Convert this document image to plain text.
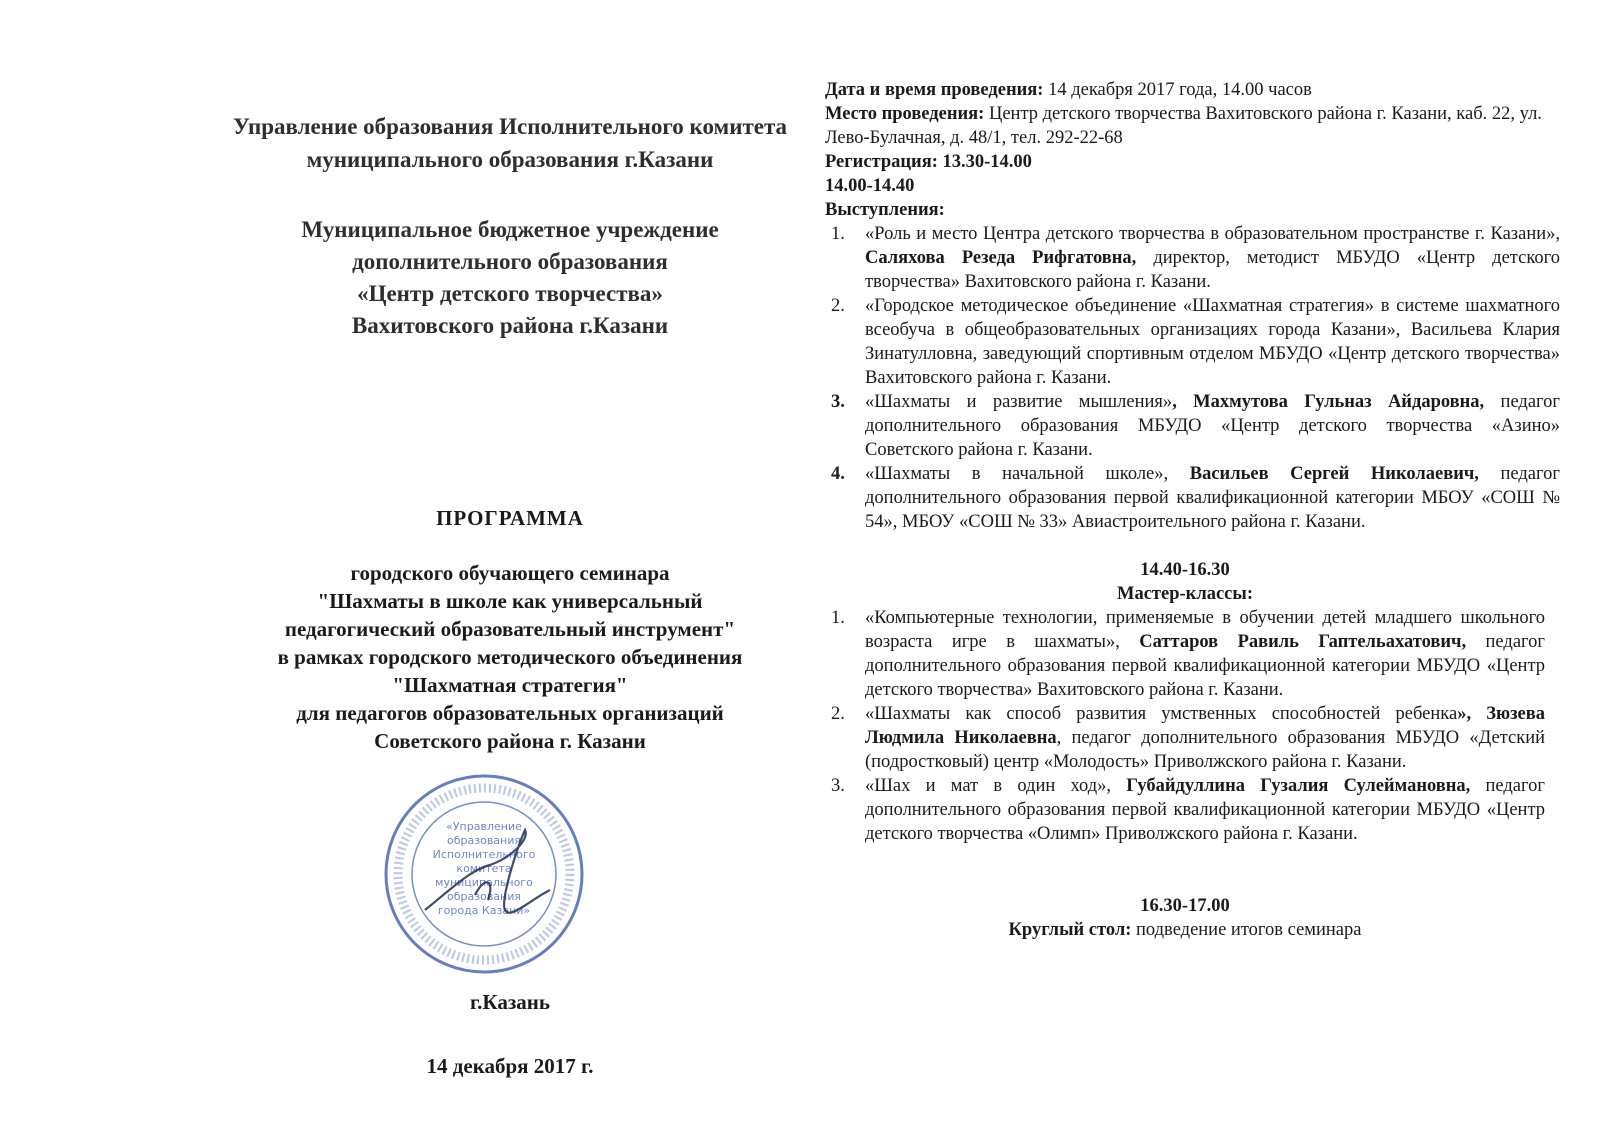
Управление образования Исполнительного комитета
муниципального образования г.Казани
Муниципальное бюджетное учреждение
дополнительного образования
«Центр детского творчества»
Вахитовского района г.Казани
ПРОГРАММА
городского обучающего семинара
"Шахматы в школе как универсальный
педагогический образовательный инструмент"
в рамках городского методического объединения
"Шахматная стратегия"
для педагогов образовательных организаций
Советского района г. Казани
г.Казань
14 декабря 2017 г.
«Управление
образования
Исполнительного
комитета
муниципального
образования
города Казани»

Дата и время проведения: 14 декабря 2017 года, 14.00 часов

Место проведения: Центр детского творчества Вахитовского района г. Казани, каб. 22, ул. Лево-Булачная, д. 48/1, тел. 292-22-68

Регистрация: 13.30-14.00

14.00-14.40

Выступления:

1.	«Роль и место Центра детского творчества в образовательном пространстве г. Казани», Саляхова Резеда Рифгатовна, директор, методист МБУДО «Центр детского творчества» Вахитовского района г. Казани.
2.	«Городское методическое объединение «Шахматная стратегия» в системе шахматного всеобуча в общеобразовательных организациях города Казани», Васильева Клария Зинатулловна, заведующий спортивным отделом МБУДО «Центр детского творчества» Вахитовского района г. Казани.
3.	«Шахматы и развитие мышления», Махмутова Гульназ Айдаровна, педагог дополнительного образования МБУДО «Центр детского творчества «Азино» Советского района г. Казани.
4.	«Шахматы в начальной школе», Васильев Сергей Николаевич, педагог дополнительного образования первой квалификационной категории МБОУ «СОШ № 54», МБОУ «СОШ № 33» Авиастроительного района г. Казани.

14.40-16.30

Мастер-классы:

1.	«Компьютерные технологии, применяемые в обучении детей младшего школьного возраста игре в шахматы», Саттаров Равиль Гаптельахатович, педагог дополнительного образования первой квалификационной категории МБУДО «Центр детского творчества» Вахитовского района г. Казани.
2.	«Шахматы как способ развития умственных способностей ребенка», Зюзева Людмила Николаевна, педагог дополнительного образования МБУДО «Детский (подростковый) центр «Молодость» Приволжского района г. Казани.
3.	«Шах и мат в один ход», Губайдуллина Гузалия Сулеймановна, педагог дополнительного образования первой квалификационной категории МБУДО «Центр детского творчества «Олимп» Приволжского района г. Казани.

16.30-17.00

Круглый стол: подведение итогов семинара
